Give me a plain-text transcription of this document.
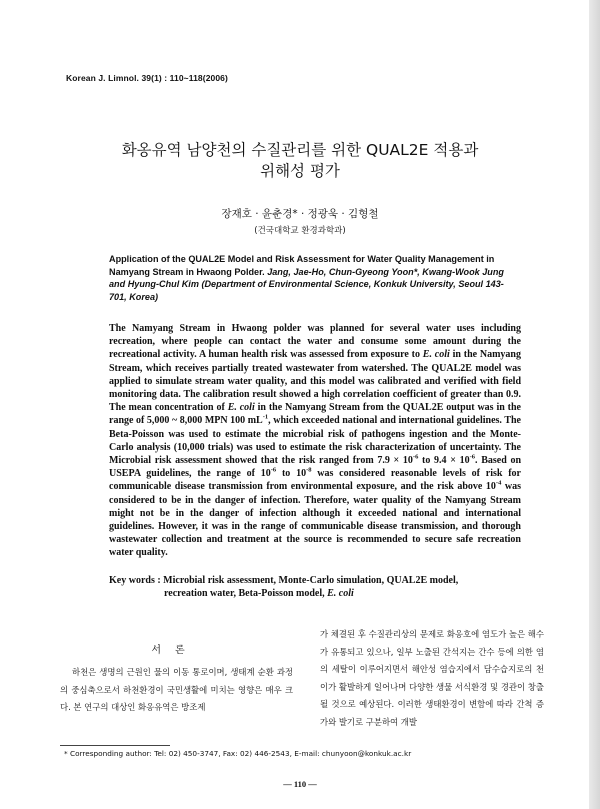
Korean J. Limnol. 39(1) : 110~118(2006)
화옹유역 남양천의 수질관리를 위한 QUAL2E 적용과
위해성 평가
장재호 · 윤춘경* · 정광욱 · 김형철
(건국대학교 환경과학과)
Application of the QUAL2E Model and Risk Assessment for Water Quality Management in Namyang Stream in Hwaong Polder. Jang, Jae-Ho, Chun-Gyeong Yoon*, Kwang-Wook Jung and Hyung-Chul Kim (Department of Environmental Science, Konkuk University, Seoul 143-701, Korea)
The Namyang Stream in Hwaong polder was planned for several water uses including recreation, where people can contact the water and consume some amount during the recreational activity. A human health risk was assessed from exposure to E. coli in the Namyang Stream, which receives partially treated wastewater from watershed. The QUAL2E model was applied to simulate stream water quality, and this model was calibrated and verified with field monitoring data. The calibration result showed a high correlation coefficient of greater than 0.9. The mean concentration of E. coli in the Namyang Stream from the QUAL2E output was in the range of 5,000 ~ 8,000 MPN 100 $mL^{-1}$, which exceeded national and international guidelines. The Beta-Poisson was used to estimate the microbial risk of pathogens ingestion and the Monte-Carlo analysis (10,000 trials) was used to estimate the risk characterization of uncertainty. The Microbial risk assessment showed that the risk ranged from $7.9 \times 10^{-6}$ to $9.4 \times 10^{-6}$. Based on USEPA guidelines, the range of $10^{-6}$ to $10^{-8}$ was considered reasonable levels of risk for communicable disease transmission from environmental exposure, and the risk above $10^{-4}$ was considered to be in the danger of infection. Therefore, water quality of the Namyang Stream might not be in the danger of infection although it exceeded national and international guidelines. However, it was in the range of communicable disease transmission, and thorough wastewater collection and treatment at the source is recommended to secure safe recreation water quality.
Key words : Microbial risk assessment, Monte-Carlo simulation, QUAL2E model,
recreation water, Beta-Poisson model, E. coli
서론
하천은 생명의 근원인 물의 이동 통로이며, 생태계 순환 과정의 중심축으로서 하천환경이 국민생활에 미치는 영향은 매우 크다. 본 연구의 대상인 화옹유역은 방조제
가 체결된 후 수질관리상의 문제로 화옹호에 염도가 높은 해수가 유통되고 있으나, 일부 노출된 간석지는 간수 등에 의한 염의 세탈이 이루어지면서 해안성 염습지에서 담수습지로의 천이가 활발하게 일어나며 다양한 생물 서식환경 및 경관이 창출될 것으로 예상된다. 이러한 생태환경이 변함에 따라 간척 증가와 발기로 구분하여 개발
* Corresponding author: Tel: 02) 450-3747, Fax: 02) 446-2543, E-mail: chunyoon@konkuk.ac.kr
— 110 —
